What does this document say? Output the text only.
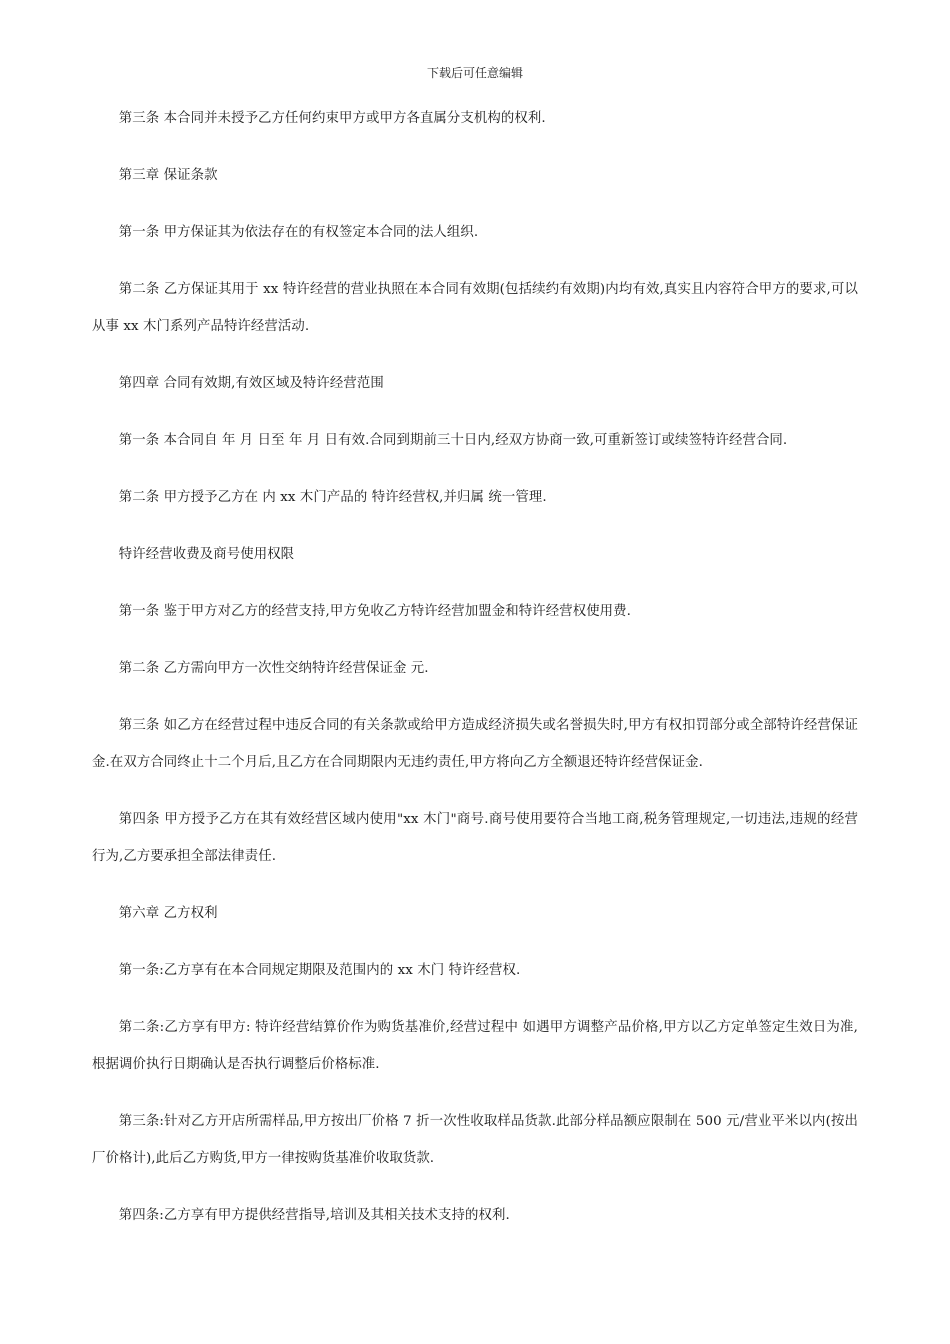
下载后可任意编辑

第三条 本合同并未授予乙方任何约束甲方或甲方各直属分支机构的权利.

第三章 保证条款

第一条 甲方保证其为依法存在的有权签定本合同的法人组织.

第二条 乙方保证其用于 xx 特许经营的营业执照在本合同有效期(包括续约有效期)内均有效,真实且内容符合甲方的要求,可以从事 xx 木门系列产品特许经营活动.

第四章 合同有效期,有效区域及特许经营范围

第一条 本合同自 年 月 日至 年 月 日有效.合同到期前三十日内,经双方协商一致,可重新签订或续签特许经营合同.

第二条 甲方授予乙方在 内 xx 木门产品的 特许经营权,并归属 统一管理.

特许经营收费及商号使用权限

第一条 鉴于甲方对乙方的经营支持,甲方免收乙方特许经营加盟金和特许经营权使用费.

第二条 乙方需向甲方一次性交纳特许经营保证金 元.

第三条 如乙方在经营过程中违反合同的有关条款或给甲方造成经济损失或名誉损失时,甲方有权扣罚部分或全部特许经营保证金.在双方合同终止十二个月后,且乙方在合同期限内无违约责任,甲方将向乙方全额退还特许经营保证金.

第四条 甲方授予乙方在其有效经营区域内使用"xx 木门"商号.商号使用要符合当地工商,税务管理规定,一切违法,违规的经营行为,乙方要承担全部法律责任.

第六章 乙方权利

第一条:乙方享有在本合同规定期限及范围内的 xx 木门 特许经营权.

第二条:乙方享有甲方: 特许经营结算价作为购货基准价,经营过程中 如遇甲方调整产品价格,甲方以乙方定单签定生效日为准,根据调价执行日期确认是否执行调整后价格标准.

第三条:针对乙方开店所需样品,甲方按出厂价格 7 折一次性收取样品货款.此部分样品额应限制在 500 元/营业平米以内(按出厂价格计),此后乙方购货,甲方一律按购货基准价收取货款.

第四条:乙方享有甲方提供经营指导,培训及其相关技术支持的权利.
